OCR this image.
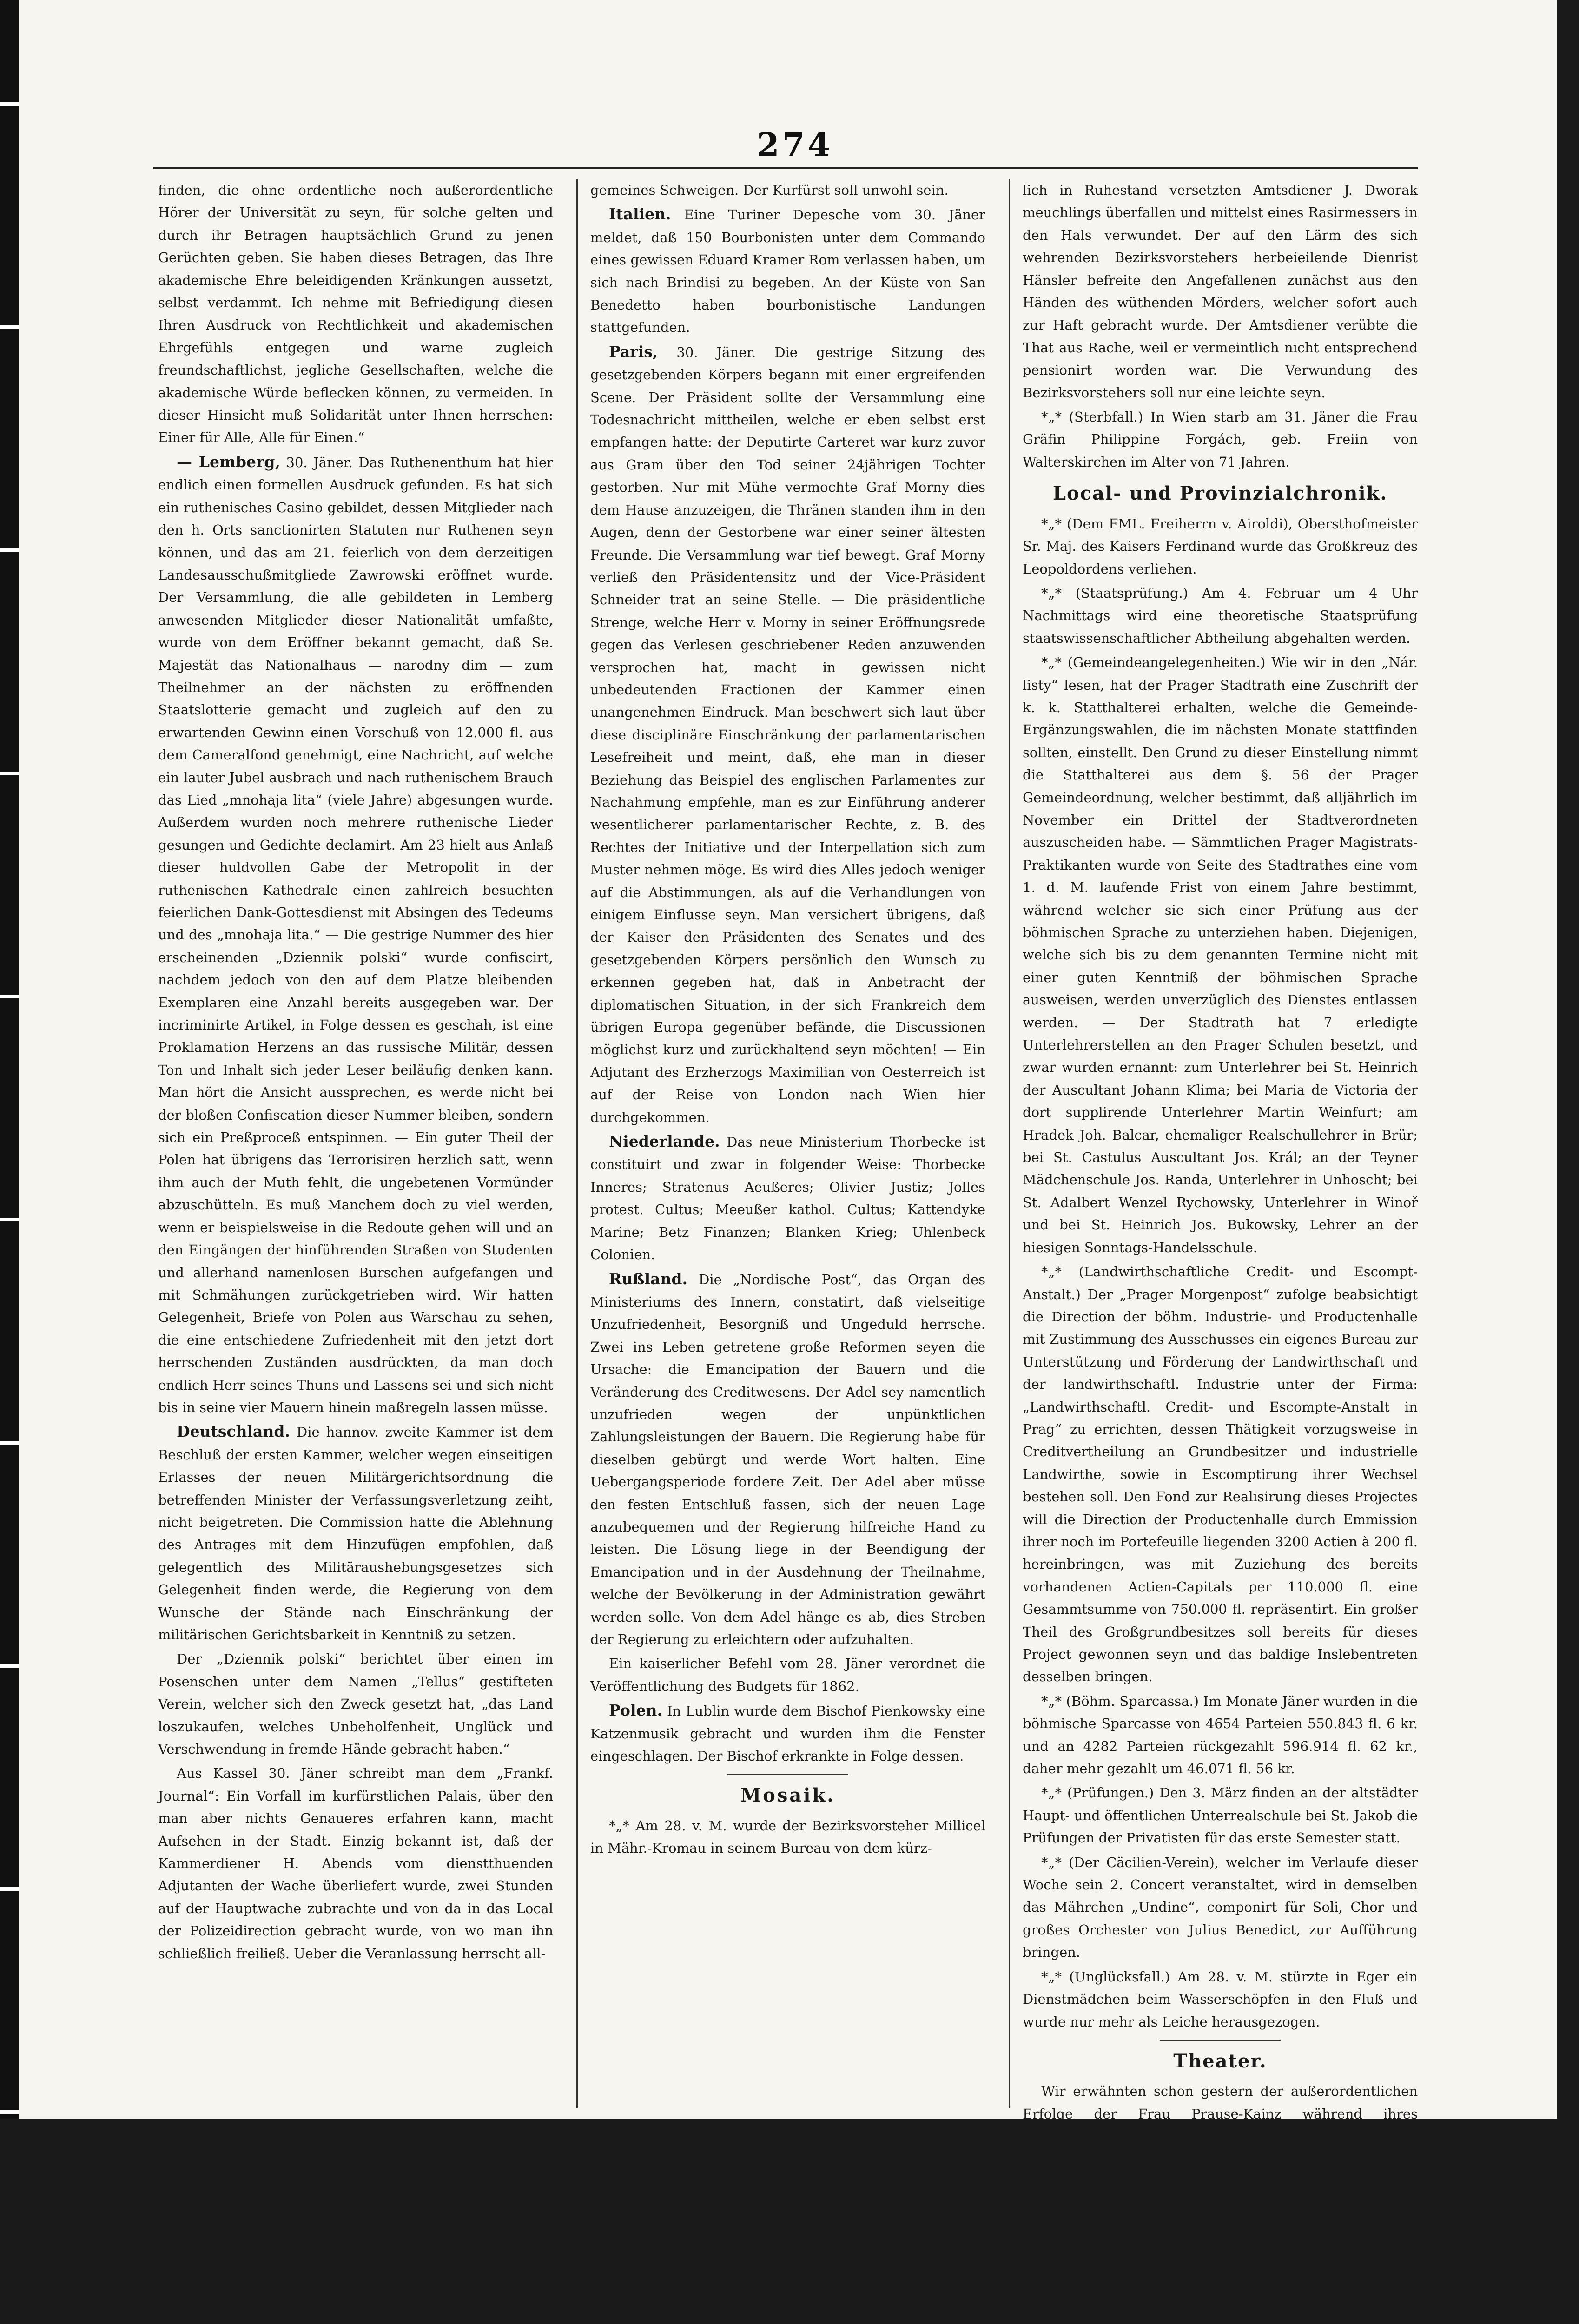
274

finden, die ohne ordentliche noch außerordentliche Hörer der Universität zu seyn, für solche gelten und durch ihr Betragen hauptsächlich Grund zu jenen Gerüchten geben. Sie haben dieses Betragen, das Ihre akademische Ehre beleidigenden Kränkungen aussetzt, selbst verdammt. Ich nehme mit Befriedigung diesen Ihren Ausdruck von Rechtlichkeit und akademischen Ehrgefühls entgegen und warne zugleich freundschaftlichst, jegliche Gesellschaften, welche die akademische Würde beflecken können, zu vermeiden. In dieser Hinsicht muß Solidarität unter Ihnen herrschen: Einer für Alle, Alle für Einen.“

— Lemberg, 30. Jäner. Das Ruthenenthum hat hier endlich einen formellen Ausdruck gefunden. Es hat sich ein ruthenisches Casino gebildet, dessen Mitglieder nach den h. Orts sanctionirten Statuten nur Ruthenen seyn können, und das am 21. feierlich von dem derzeitigen Landesausschußmitgliede Zawrowski eröffnet wurde. Der Versammlung, die alle gebildeten in Lemberg anwesenden Mitglieder dieser Nationalität umfaßte, wurde von dem Eröffner bekannt gemacht, daß Se. Majestät das Nationalhaus — narodny dim — zum Theilnehmer an der nächsten zu eröffnenden Staatslotterie gemacht und zugleich auf den zu erwartenden Gewinn einen Vorschuß von 12.000 fl. aus dem Cameralfond genehmigt, eine Nachricht, auf welche ein lauter Jubel ausbrach und nach ruthenischem Brauch das Lied „mnohaja lita“ (viele Jahre) abgesungen wurde. Außerdem wurden noch mehrere ruthenische Lieder gesungen und Gedichte declamirt. Am 23 hielt aus Anlaß dieser huldvollen Gabe der Metropolit in der ruthenischen Kathedrale einen zahlreich besuchten feierlichen Dank-Gottesdienst mit Absingen des Tedeums und des „mnohaja lita.“ — Die gestrige Nummer des hier erscheinenden „Dziennik polski“ wurde confiscirt, nachdem jedoch von den auf dem Platze bleibenden Exemplaren eine Anzahl bereits ausgegeben war. Der incriminirte Artikel, in Folge dessen es geschah, ist eine Proklamation Herzens an das russische Militär, dessen Ton und Inhalt sich jeder Leser beiläufig denken kann. Man hört die Ansicht aussprechen, es werde nicht bei der bloßen Confiscation dieser Nummer bleiben, sondern sich ein Preßproceß entspinnen. — Ein guter Theil der Polen hat übrigens das Terrorisiren herzlich satt, wenn ihm auch der Muth fehlt, die ungebetenen Vormünder abzuschütteln. Es muß Manchem doch zu viel werden, wenn er beispielsweise in die Redoute gehen will und an den Eingängen der hinführenden Straßen von Studenten und allerhand namenlosen Burschen aufgefangen und mit Schmähungen zurückgetrieben wird. Wir hatten Gelegenheit, Briefe von Polen aus Warschau zu sehen, die eine entschiedene Zufriedenheit mit den jetzt dort herrschenden Zuständen ausdrückten, da man doch endlich Herr seines Thuns und Lassens sei und sich nicht bis in seine vier Mauern hinein maßregeln lassen müsse.

Deutschland. Die hannov. zweite Kammer ist dem Beschluß der ersten Kammer, welcher wegen einseitigen Erlasses der neuen Militärgerichtsordnung die betreffenden Minister der Verfassungsverletzung zeiht, nicht beigetreten. Die Commission hatte die Ablehnung des Antrages mit dem Hinzufügen empfohlen, daß gelegentlich des Militäraushebungsgesetzes sich Gelegenheit finden werde, die Regierung von dem Wunsche der Stände nach Einschränkung der militärischen Gerichtsbarkeit in Kenntniß zu setzen.

Der „Dziennik polski“ berichtet über einen im Posenschen unter dem Namen „Tellus“ gestifteten Verein, welcher sich den Zweck gesetzt hat, „das Land loszukaufen, welches Unbeholfenheit, Unglück und Verschwendung in fremde Hände gebracht haben.“

Aus Kassel 30. Jäner schreibt man dem „Frankf. Journal“: Ein Vorfall im kurfürstlichen Palais, über den man aber nichts Genaueres erfahren kann, macht Aufsehen in der Stadt. Einzig bekannt ist, daß der Kammerdiener H. Abends vom dienstthuenden Adjutanten der Wache überliefert wurde, zwei Stunden auf der Hauptwache zubrachte und von da in das Local der Polizeidirection gebracht wurde, von wo man ihn schließlich freiließ. Ueber die Veranlassung herrscht all-

gemeines Schweigen. Der Kurfürst soll unwohl sein.

Italien. Eine Turiner Depesche vom 30. Jäner meldet, daß 150 Bourbonisten unter dem Commando eines gewissen Eduard Kramer Rom verlassen haben, um sich nach Brindisi zu begeben. An der Küste von San Benedetto haben bourbonistische Landungen stattgefunden.

Paris, 30. Jäner. Die gestrige Sitzung des gesetzgebenden Körpers begann mit einer ergreifenden Scene. Der Präsident sollte der Versammlung eine Todesnachricht mittheilen, welche er eben selbst erst empfangen hatte: der Deputirte Carteret war kurz zuvor aus Gram über den Tod seiner 24jährigen Tochter gestorben. Nur mit Mühe vermochte Graf Morny dies dem Hause anzuzeigen, die Thränen standen ihm in den Augen, denn der Gestorbene war einer seiner ältesten Freunde. Die Versammlung war tief bewegt. Graf Morny verließ den Präsidentensitz und der Vice-Präsident Schneider trat an seine Stelle. — Die präsidentliche Strenge, welche Herr v. Morny in seiner Eröffnungsrede gegen das Verlesen geschriebener Reden anzuwenden versprochen hat, macht in gewissen nicht unbedeutenden Fractionen der Kammer einen unangenehmen Eindruck. Man beschwert sich laut über diese disciplinäre Einschränkung der parlamentarischen Lesefreiheit und meint, daß, ehe man in dieser Beziehung das Beispiel des englischen Parlamentes zur Nachahmung empfehle, man es zur Einführung anderer wesentlicherer parlamentarischer Rechte, z. B. des Rechtes der Initiative und der Interpellation sich zum Muster nehmen möge. Es wird dies Alles jedoch weniger auf die Abstimmungen, als auf die Verhandlungen von einigem Einflusse seyn. Man versichert übrigens, daß der Kaiser den Präsidenten des Senates und des gesetzgebenden Körpers persönlich den Wunsch zu erkennen gegeben hat, daß in Anbetracht der diplomatischen Situation, in der sich Frankreich dem übrigen Europa gegenüber befände, die Discussionen möglichst kurz und zurückhaltend seyn möchten! — Ein Adjutant des Erzherzogs Maximilian von Oesterreich ist auf der Reise von London nach Wien hier durchgekommen.

Niederlande. Das neue Ministerium Thorbecke ist constituirt und zwar in folgender Weise: Thorbecke Inneres; Stratenus Aeußeres; Olivier Justiz; Jolles protest. Cultus; Meeußer kathol. Cultus; Kattendyke Marine; Betz Finanzen; Blanken Krieg; Uhlenbeck Colonien.

Rußland. Die „Nordische Post“, das Organ des Ministeriums des Innern, constatirt, daß vielseitige Unzufriedenheit, Besorgniß und Ungeduld herrsche. Zwei ins Leben getretene große Reformen seyen die Ursache: die Emancipation der Bauern und die Veränderung des Creditwesens. Der Adel sey namentlich unzufrieden wegen der unpünktlichen Zahlungsleistungen der Bauern. Die Regierung habe für dieselben gebürgt und werde Wort halten. Eine Uebergangsperiode fordere Zeit. Der Adel aber müsse den festen Entschluß fassen, sich der neuen Lage anzubequemen und der Regierung hilfreiche Hand zu leisten. Die Lösung liege in der Beendigung der Emancipation und in der Ausdehnung der Theilnahme, welche der Bevölkerung in der Administration gewährt werden solle. Von dem Adel hänge es ab, dies Streben der Regierung zu erleichtern oder aufzuhalten.

Ein kaiserlicher Befehl vom 28. Jäner verordnet die Veröffentlichung des Budgets für 1862.

Polen. In Lublin wurde dem Bischof Pienkowsky eine Katzenmusik gebracht und wurden ihm die Fenster eingeschlagen. Der Bischof erkrankte in Folge dessen.

Mosaik.

*„* Am 28. v. M. wurde der Bezirksvorsteher Millicel in Mähr.-Kromau in seinem Bureau von dem kürz-

lich in Ruhestand versetzten Amtsdiener J. Dworak meuchlings überfallen und mittelst eines Rasirmessers in den Hals verwundet. Der auf den Lärm des sich wehrenden Bezirksvorstehers herbeieilende Dienrist Hänsler befreite den Angefallenen zunächst aus den Händen des wüthenden Mörders, welcher sofort auch zur Haft gebracht wurde. Der Amtsdiener verübte die That aus Rache, weil er vermeintlich nicht entsprechend pensionirt worden war. Die Verwundung des Bezirksvorstehers soll nur eine leichte seyn.

*„* (Sterbfall.) In Wien starb am 31. Jäner die Frau Gräfin Philippine Forgách, geb. Freiin von Walterskirchen im Alter von 71 Jahren.

Local- und Provinzialchronik.

*„* (Dem FML. Freiherrn v. Airoldi), Obersthofmeister Sr. Maj. des Kaisers Ferdinand wurde das Großkreuz des Leopoldordens verliehen.

*„* (Staatsprüfung.) Am 4. Februar um 4 Uhr Nachmittags wird eine theoretische Staatsprüfung staatswissenschaftlicher Abtheilung abgehalten werden.

*„* (Gemeindeangelegenheiten.) Wie wir in den „Nár. listy“ lesen, hat der Prager Stadtrath eine Zuschrift der k. k. Statthalterei erhalten, welche die Gemeinde-Ergänzungswahlen, die im nächsten Monate stattfinden sollten, einstellt. Den Grund zu dieser Einstellung nimmt die Statthalterei aus dem §. 56 der Prager Gemeindeordnung, welcher bestimmt, daß alljährlich im November ein Drittel der Stadtverordneten auszuscheiden habe. — Sämmtlichen Prager Magistrats-Praktikanten wurde von Seite des Stadtrathes eine vom 1. d. M. laufende Frist von einem Jahre bestimmt, während welcher sie sich einer Prüfung aus der böhmischen Sprache zu unterziehen haben. Diejenigen, welche sich bis zu dem genannten Termine nicht mit einer guten Kenntniß der böhmischen Sprache ausweisen, werden unverzüglich des Dienstes entlassen werden. — Der Stadtrath hat 7 erledigte Unterlehrerstellen an den Prager Schulen besetzt, und zwar wurden ernannt: zum Unterlehrer bei St. Heinrich der Auscultant Johann Klima; bei Maria de Victoria der dort supplirende Unterlehrer Martin Weinfurt; am Hradek Joh. Balcar, ehemaliger Realschullehrer in Brür; bei St. Castulus Auscultant Jos. Král; an der Teyner Mädchenschule Jos. Randa, Unterlehrer in Unhoscht; bei St. Adalbert Wenzel Rychowsky, Unterlehrer in Winoř und bei St. Heinrich Jos. Bukowsky, Lehrer an der hiesigen Sonntags-Handelsschule.

*„* (Landwirthschaftliche Credit- und Escompt-Anstalt.) Der „Prager Morgenpost“ zufolge beabsichtigt die Direction der böhm. Industrie- und Productenhalle mit Zustimmung des Ausschusses ein eigenes Bureau zur Unterstützung und Förderung der Landwirthschaft und der landwirthschaftl. Industrie unter der Firma: „Landwirthschaftl. Credit- und Escompte-Anstalt in Prag“ zu errichten, dessen Thätigkeit vorzugsweise in Creditvertheilung an Grundbesitzer und industrielle Landwirthe, sowie in Escomptirung ihrer Wechsel bestehen soll. Den Fond zur Realisirung dieses Projectes will die Direction der Productenhalle durch Emmission ihrer noch im Portefeuille liegenden 3200 Actien à 200 fl. hereinbringen, was mit Zuziehung des bereits vorhandenen Actien-Capitals per 110.000 fl. eine Gesammtsumme von 750.000 fl. repräsentirt. Ein großer Theil des Großgrundbesitzes soll bereits für dieses Project gewonnen seyn und das baldige Inslebentreten desselben bringen.

*„* (Böhm. Sparcassa.) Im Monate Jäner wurden in die böhmische Sparcasse von 4654 Parteien 550.843 fl. 6 kr. und an 4282 Parteien rückgezahlt 596.914 fl. 62 kr., daher mehr gezahlt um 46.071 fl. 56 kr.

*„* (Prüfungen.) Den 3. März finden an der altstädter Haupt- und öffentlichen Unterrealschule bei St. Jakob die Prüfungen der Privatisten für das erste Semester statt.

*„* (Der Cäcilien-Verein), welcher im Verlaufe dieser Woche sein 2. Concert veranstaltet, wird in demselben das Mährchen „Undine“, componirt für Soli, Chor und großes Orchester von Julius Benedict, zur Aufführung bringen.

*„* (Unglücksfall.) Am 28. v. M. stürzte in Eger ein Dienstmädchen beim Wasserschöpfen in den Fluß und wurde nur mehr als Leiche herausgezogen.

Theater.

Wir erwähnten schon gestern der außerordentlichen Erfolge der Frau Prause-Kainz während ihres Engagements in Rotterdam, wo man sie den Journalberichten nach heuer sehr vermißt. Da lange Interregnum in ihrer Wirksamkeit auf der hiesigen Bühne war unserer Oper und auch der Direction nicht zum besonderen Vortheile. Erst den sich immer wiederholenden und letzter Lage wachsenden Verlegenheiten, in Folge des Mangels einer nur einigermaßen genügenden Repräsentantin dramatischer erster Partien, hat man das Wiederauftreten der Frau
